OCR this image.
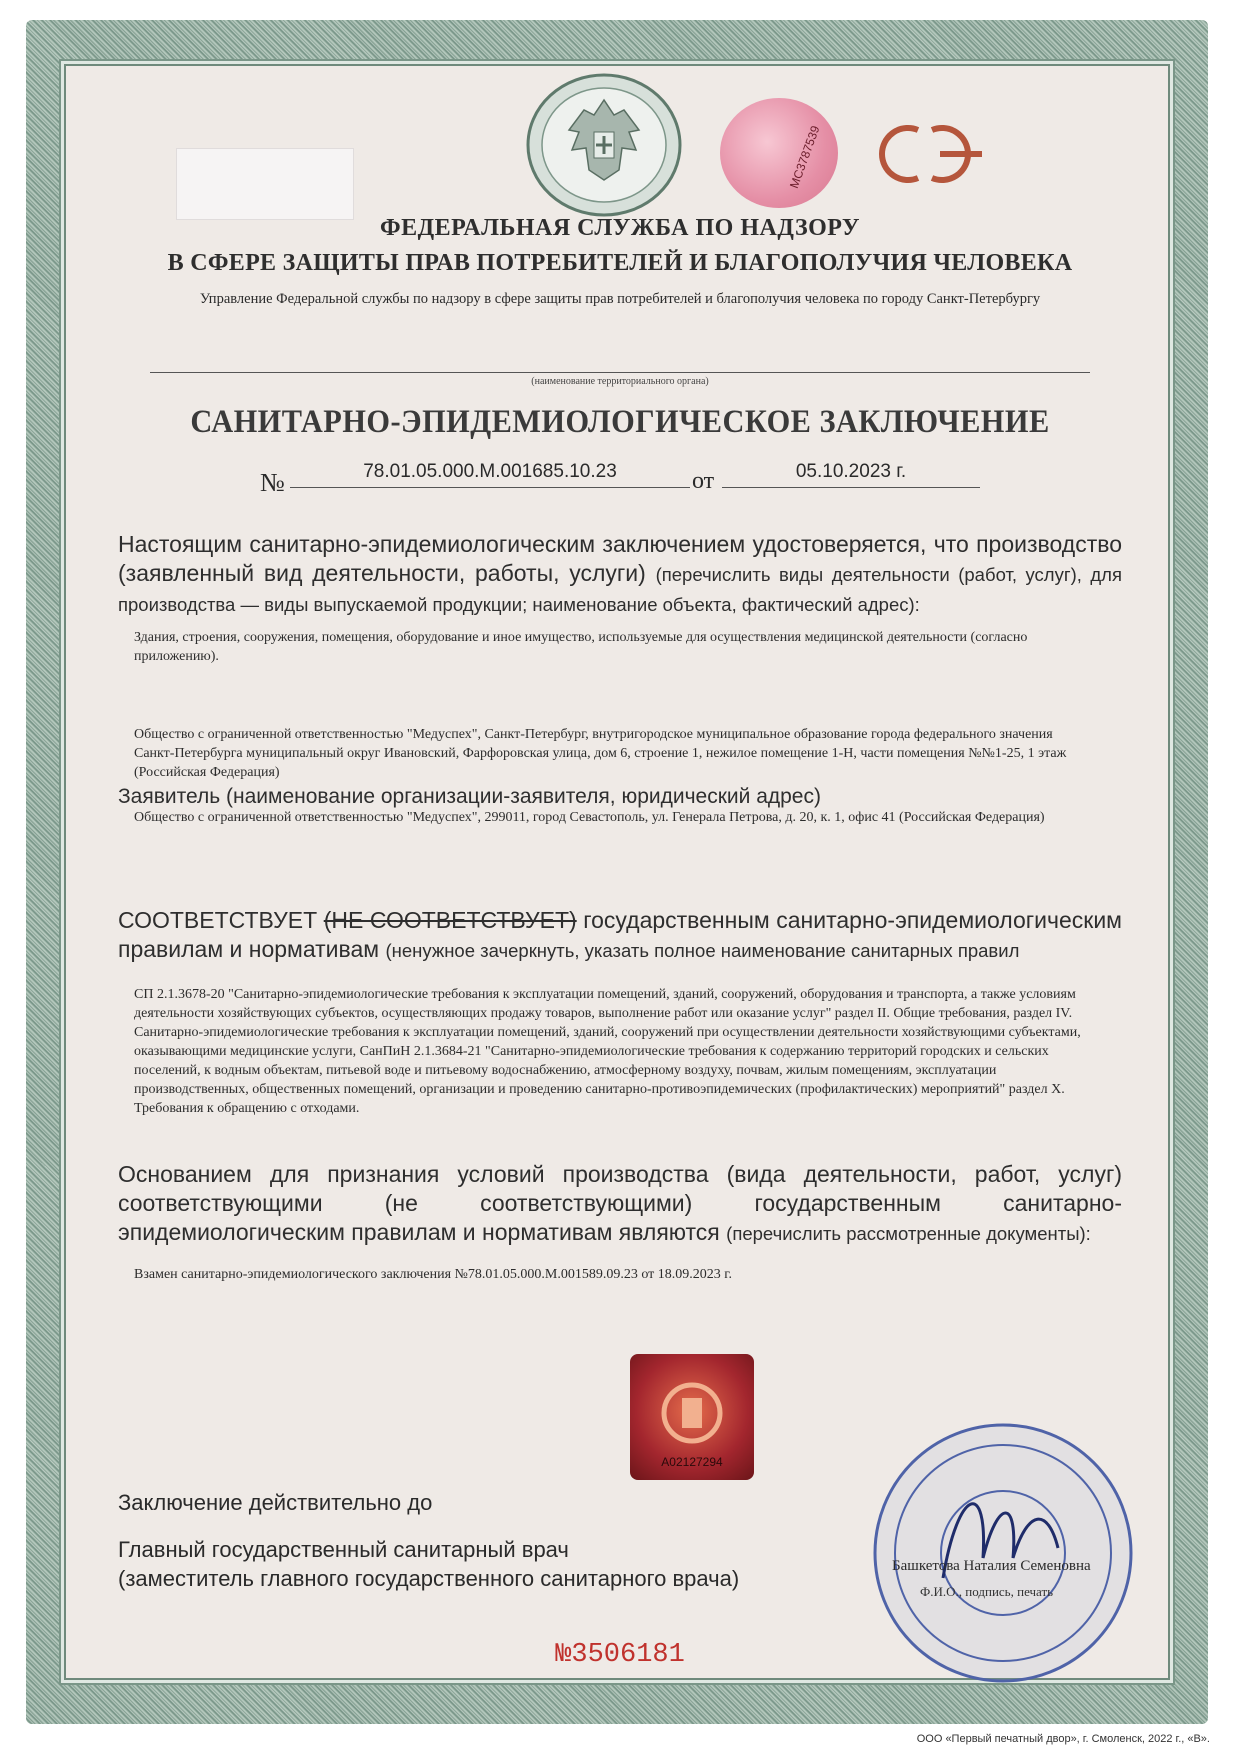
МС3787539
ФЕДЕРАЛЬНАЯ СЛУЖБА ПО НАДЗОРУ
В СФЕРЕ ЗАЩИТЫ ПРАВ ПОТРЕБИТЕЛЕЙ И БЛАГОПОЛУЧИЯ ЧЕЛОВЕКА
Управление Федеральной службы по надзору в сфере защиты прав потребителей и благополучия человека по городу Санкт-Петербургу
(наименование территориального органа)
САНИТАРНО-ЭПИДЕМИОЛОГИЧЕСКОЕ ЗАКЛЮЧЕНИЕ
№	78.01.05.000.М.001685.10.23	от	05.10.2023 г.
Настоящим санитарно-эпидемиологическим заключением удостоверяется, что производство (заявленный вид деятельности, работы, услуги) (перечислить виды деятельности (работ, услуг), для производства — виды выпускаемой продукции; наименование объекта, фактический адрес):
Здания, строения, сооружения, помещения, оборудование и иное имущество, используемые для осуществления медицинской деятельности (согласно приложению).
Общество с ограниченной ответственностью "Медуспех", Санкт-Петербург, внутригородское муниципальное образование города федерального значения Санкт-Петербурга муниципальный округ Ивановский, Фарфоровская улица, дом 6, строение 1, нежилое помещение 1-Н, части помещения №№1-25, 1 этаж (Российская Федерация)
Заявитель (наименование организации-заявителя, юридический адрес)
Общество с ограниченной ответственностью "Медуспех", 299011, город Севастополь, ул. Генерала Петрова, д. 20, к. 1, офис 41 (Российская Федерация)
СООТВЕТСТВУЕТ (НЕ СООТВЕТСТВУЕТ) государственным санитарно-эпидемиологическим правилам и нормативам (ненужное зачеркнуть, указать полное наименование санитарных правил
СП 2.1.3678-20 "Санитарно-эпидемиологические требования к эксплуатации помещений, зданий, сооружений, оборудования и транспорта, а также условиям деятельности хозяйствующих субъектов, осуществляющих продажу товаров, выполнение работ или оказание услуг" раздел II. Общие требования, раздел IV. Санитарно-эпидемиологические требования к эксплуатации помещений, зданий, сооружений при осуществлении деятельности хозяйствующими субъектами, оказывающими медицинские услуги, СанПиН 2.1.3684-21 "Санитарно-эпидемиологические требования к содержанию территорий городских и сельских поселений, к водным объектам, питьевой воде и питьевому водоснабжению, атмосферному воздуху, почвам, жилым помещениям, эксплуатации производственных, общественных помещений, организации и проведению санитарно-противоэпидемических (профилактических) мероприятий" раздел X. Требования к обращению с отходами.
Основанием для признания условий производства (вида деятельности, работ, услуг) соответствующими (не соответствующими) государственным санитарно-эпидемиологическим правилам и нормативам являются (перечислить рассмотренные документы):
Взамен санитарно-эпидемиологического заключения №78.01.05.000.М.001589.09.23 от 18.09.2023 г.
А02127294
Заключение действительно до
Главный государственный санитарный врач
(заместитель главного государственного санитарного врача)	Башкетова Наталия Семеновна
Ф.И.О., подпись, печать
№3506181
ООО «Первый печатный двор», г. Смоленск, 2022 г., «В».
